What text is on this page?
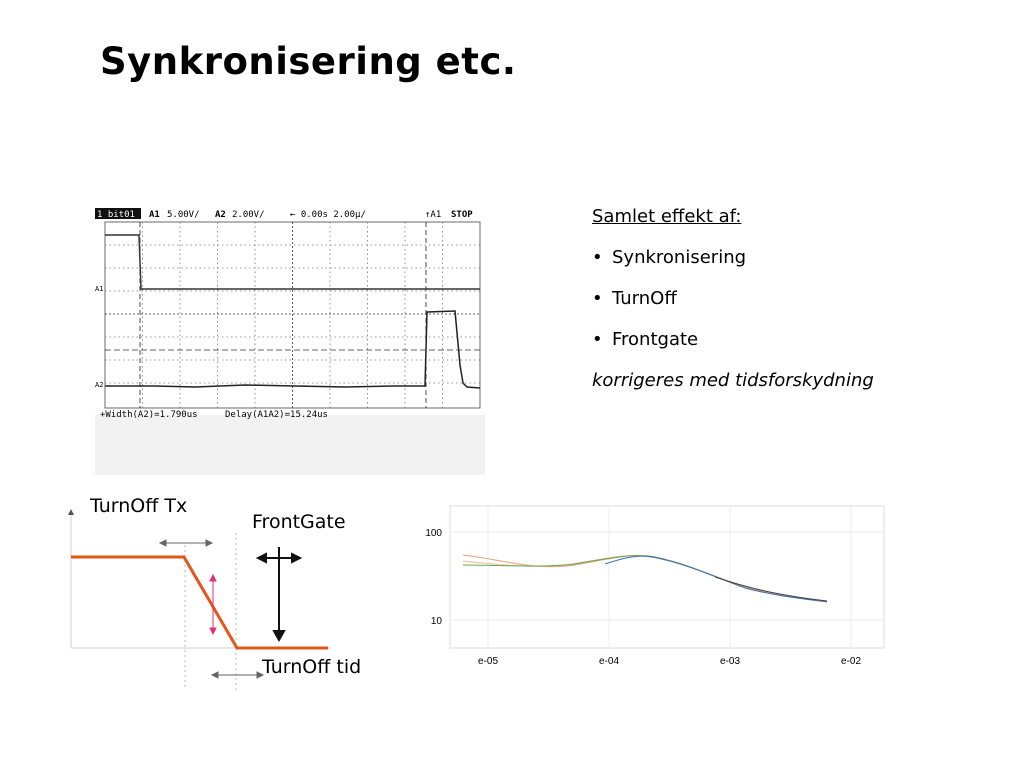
Synkronisering etc.
1 bit01 A1 5.00V/ A2 2.00V/	← 0.00s 2.00µ/	↑A1 STOP
A1
A2
+Width(A2)=1.790us	Delay(A1A2)=15.24us
Samlet effekt af:
• Synkronisering
• TurnOff
• Frontgate
korrigeres med tidsforskydning
TurnOff Tx
FrontGate
TurnOff tid
100
10
e-05	e-04	e-03	e-02
